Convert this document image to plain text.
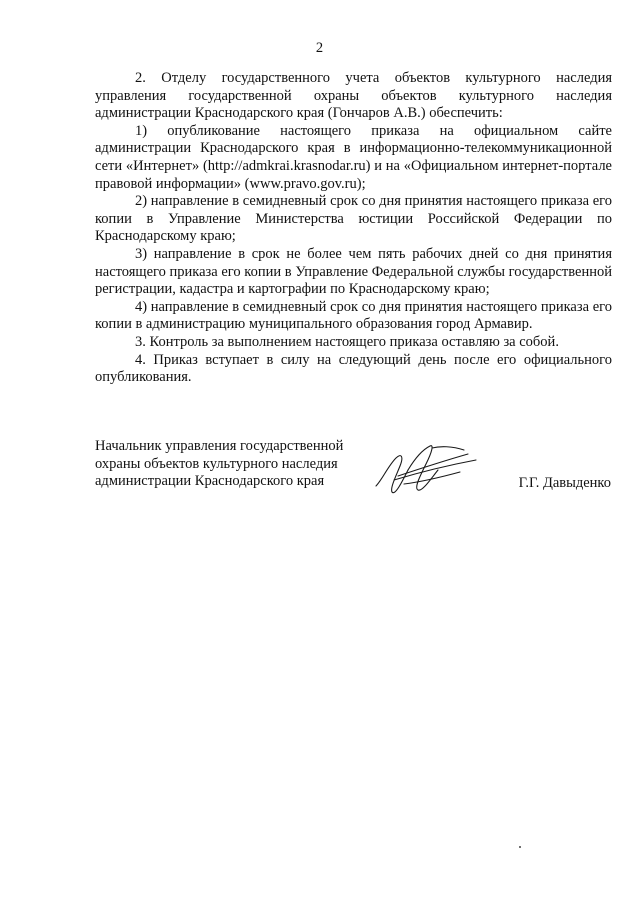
2

2. Отделу государственного учета объектов культурного наследия управления государственной охраны объектов культурного наследия администрации Краснодарского края (Гончаров А.В.) обеспечить:

1) опубликование настоящего приказа на официальном сайте администрации Краснодарского края в информационно-телекоммуникационной сети «Интернет» (http://admkrai.krasnodar.ru) и на «Официальном интернет-портале правовой информации» (www.pravo.gov.ru);

2) направление в семидневный срок со дня принятия настоящего приказа его копии в Управление Министерства юстиции Российской Федерации по Краснодарскому краю;

3) направление в срок не более чем пять рабочих дней со дня принятия настоящего приказа его копии в Управление Федеральной службы государственной регистрации, кадастра и картографии по Краснодарскому краю;

4) направление в семидневный срок со дня принятия настоящего приказа его копии в администрацию муниципального образования город Армавир.

3. Контроль за выполнением настоящего приказа оставляю за собой.

4. Приказ вступает в силу на следующий день после его официального опубликования.

Начальник управления государственной
охраны объектов культурного наследия
администрации Краснодарского края	Г.Г. Давыденко
